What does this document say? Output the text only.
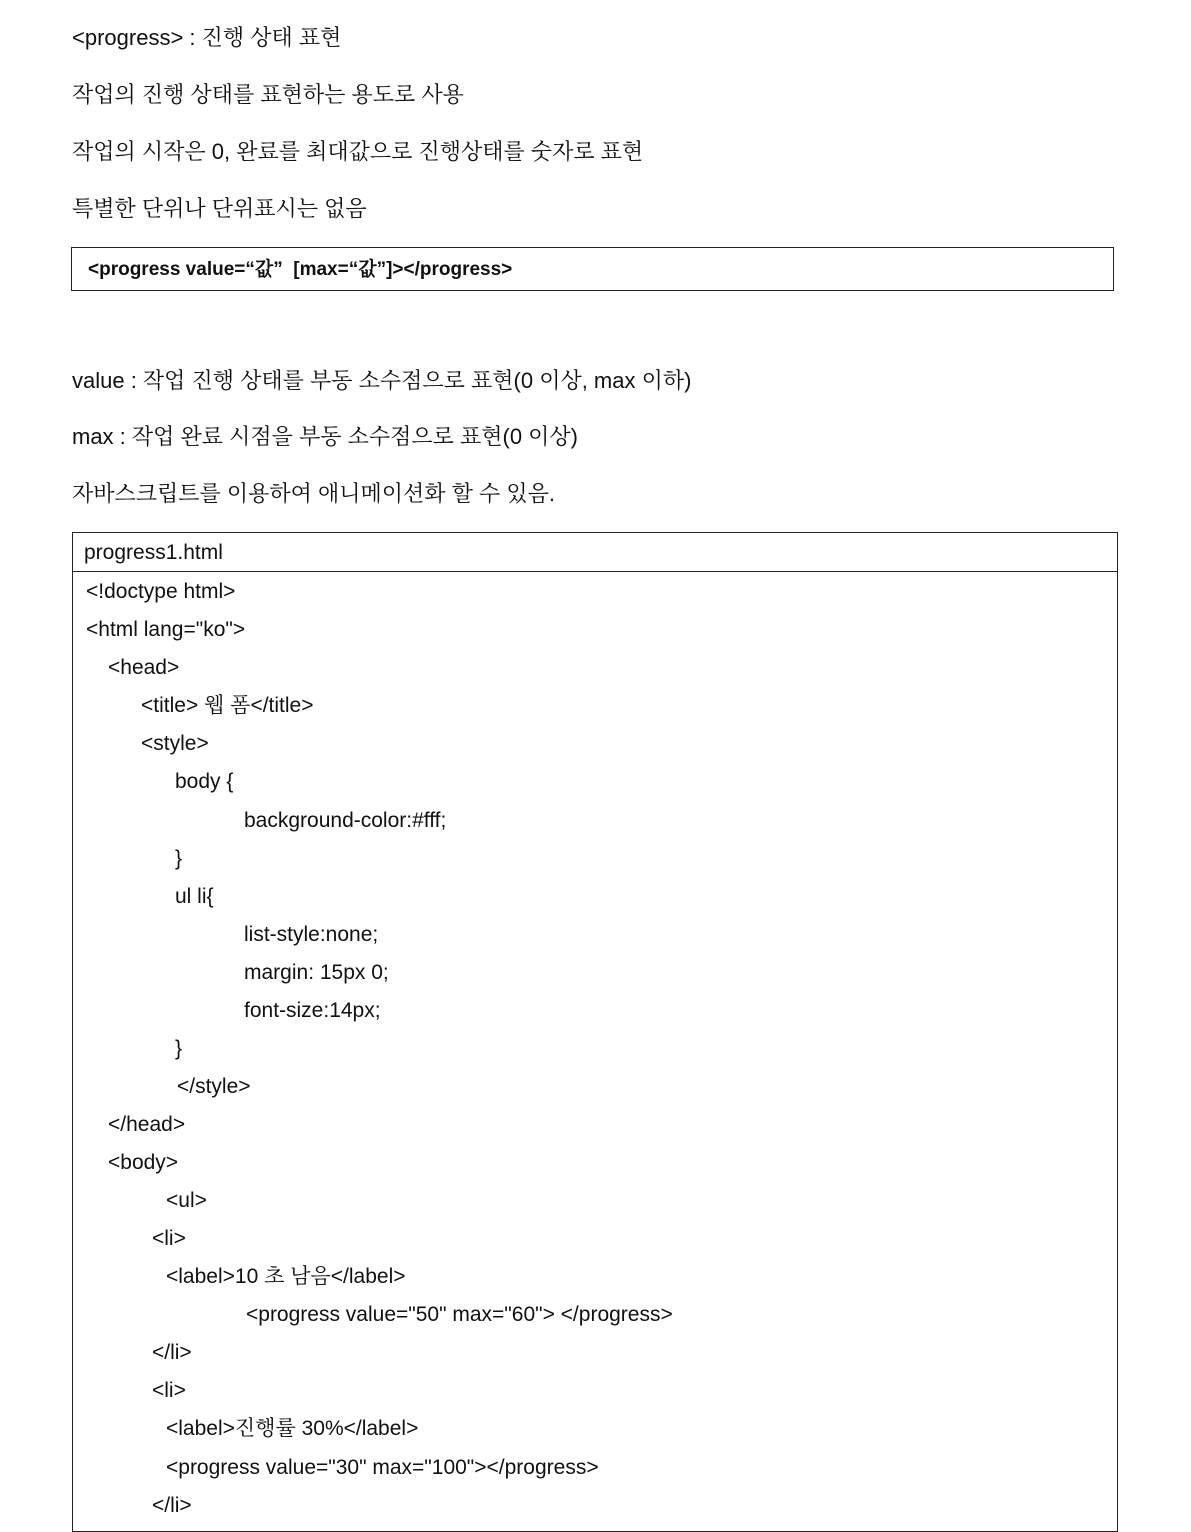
<progress> : 진행 상태 표현
작업의 진행 상태를 표현하는 용도로 사용
작업의 시작은 0, 완료를 최대값으로 진행상태를 숫자로 표현
특별한 단위나 단위표시는 없음
<progress value=“값”  [max=“값”]></progress>
value : 작업 진행 상태를 부동 소수점으로 표현(0 이상, max 이하)
max : 작업 완료 시점을 부동 소수점으로 표현(0 이상)
자바스크립트를 이용하여 애니메이션화 할 수 있음.
progress1.html
<!doctype html>
<html lang="ko">
<head>
<title> 웹 폼</title>
<style>
body {
background-color:#fff;
}
ul li{
list-style:none;
margin: 15px 0;
font-size:14px;
}
</style>
</head>
<body>
<ul>
<li>
<label>10 초 남음</label>
<progress value="50" max="60"> </progress>
</li>
<li>
<label>진행률 30%</label>
<progress value="30" max="100"></progress>
</li>
